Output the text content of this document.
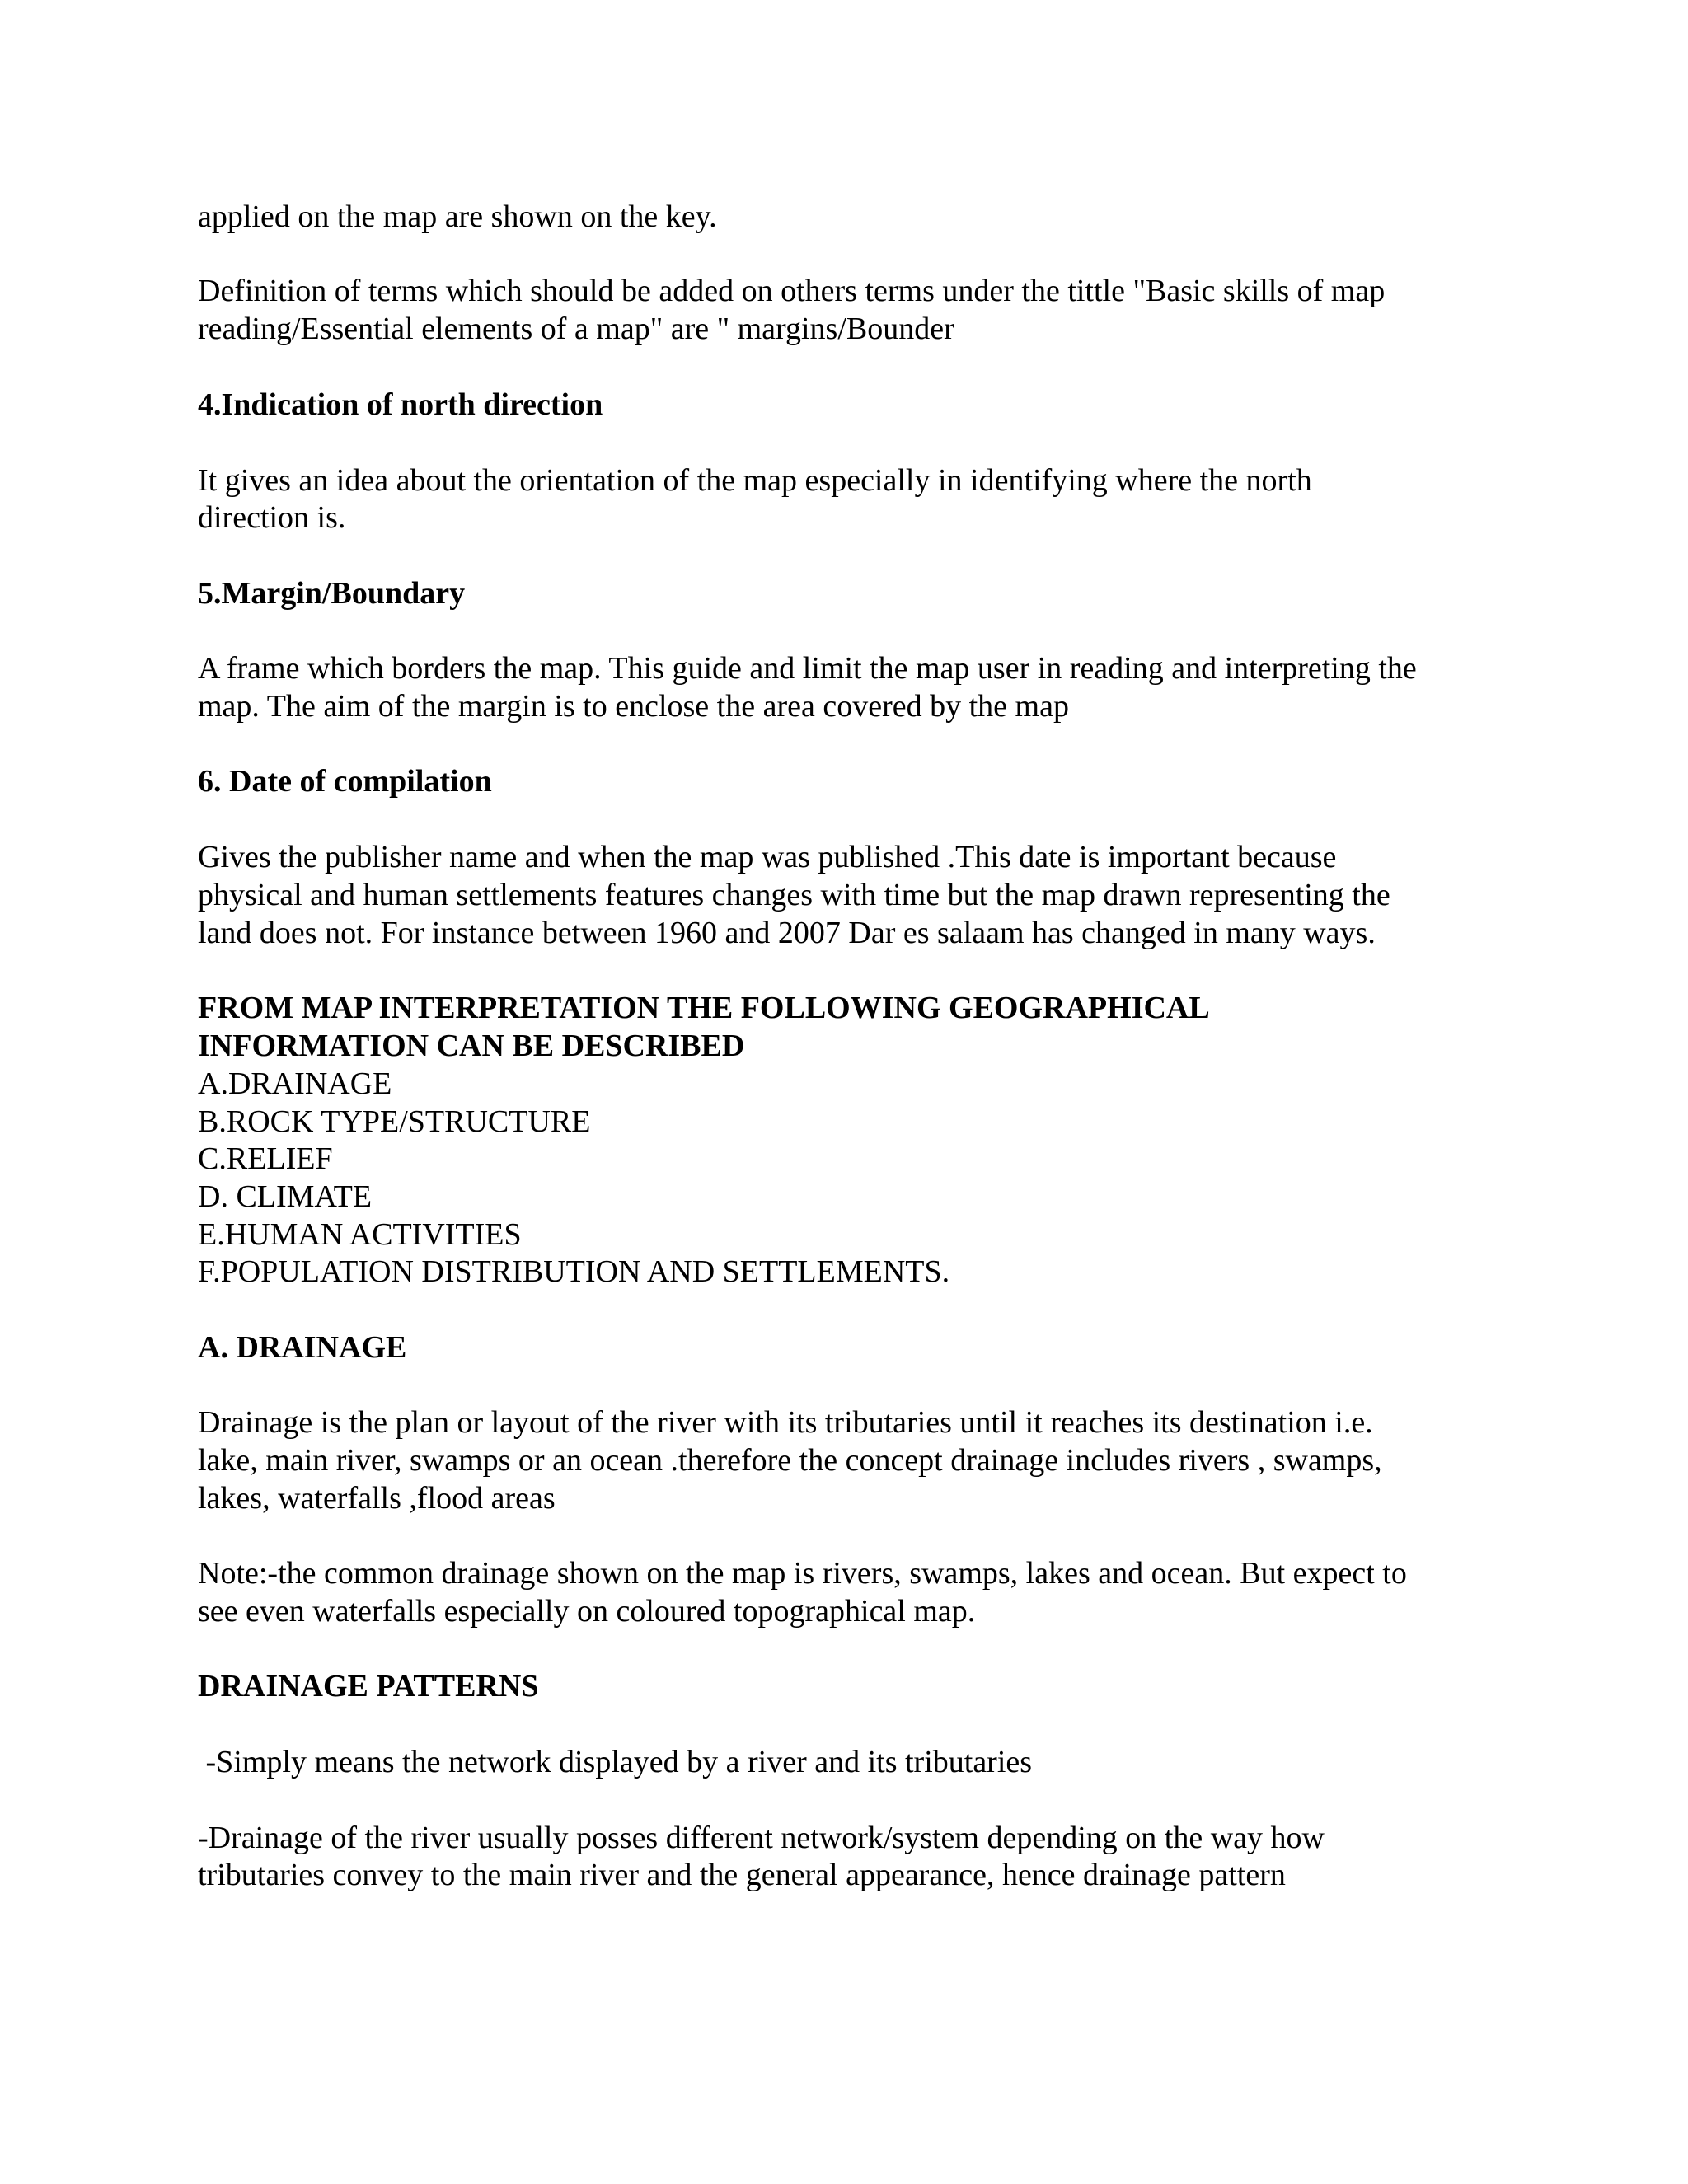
applied on the map are shown on the key.
Definition of terms which should be added on others terms under the tittle "Basic skills of map
reading/Essential elements of a map" are " margins/Bounder
4.Indication of north direction
It gives an idea about the orientation of the map especially in identifying where the north
direction is.
5.Margin/Boundary
A frame which borders the map. This guide and limit the map user in reading and interpreting the
map. The aim of the margin is to enclose the area covered by the map
6. Date of compilation
Gives the publisher name and when the map was published .This date is important because
physical and human settlements features changes with time but the map drawn representing the
land does not. For instance between 1960 and 2007 Dar es salaam has changed in many ways.
FROM MAP INTERPRETATION THE FOLLOWING GEOGRAPHICAL
INFORMATION CAN BE DESCRIBED
A.DRAINAGE
B.ROCK TYPE/STRUCTURE
C.RELIEF
D. CLIMATE
E.HUMAN ACTIVITIES
F.POPULATION DISTRIBUTION AND SETTLEMENTS.
A. DRAINAGE
Drainage is the plan or layout of the river with its tributaries until it reaches its destination i.e.
lake, main river, swamps or an ocean .therefore the concept drainage includes rivers , swamps,
lakes, waterfalls ,flood areas
Note:-the common drainage shown on the map is rivers, swamps, lakes and ocean. But expect to
see even waterfalls especially on coloured topographical map.
DRAINAGE PATTERNS
-Simply means the network displayed by a river and its tributaries
-Drainage of the river usually posses different network/system depending on the way how
tributaries convey to the main river and the general appearance, hence drainage pattern
